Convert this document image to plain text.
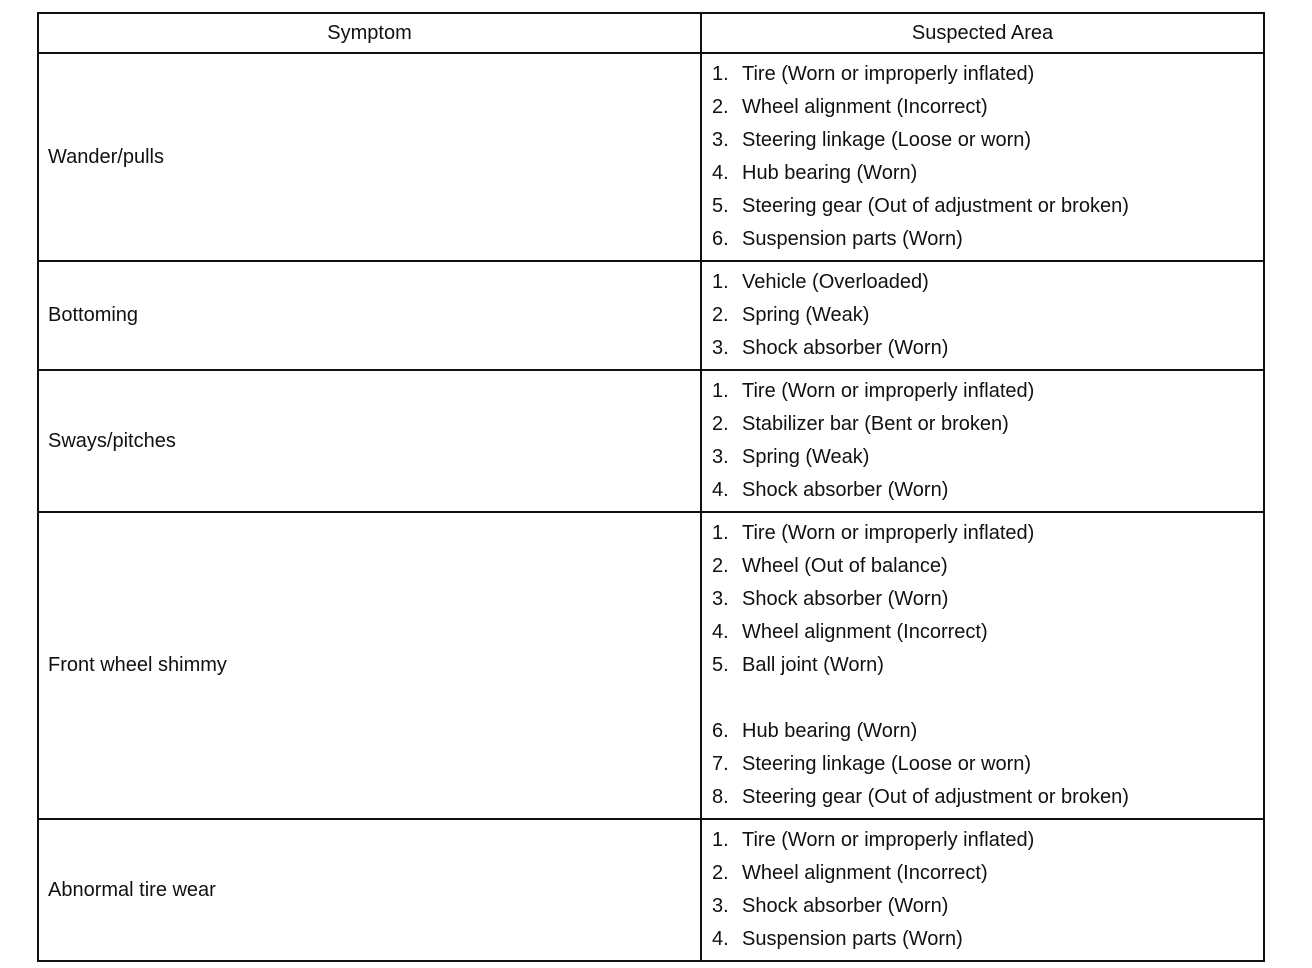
Symptom	Suspected Area
Wander/pulls
1. Tire (Worn or improperly inflated)
2. Wheel alignment (Incorrect)
3. Steering linkage (Loose or worn)
4. Hub bearing (Worn)
5. Steering gear (Out of adjustment or broken)
6. Suspension parts (Worn)
Bottoming
1. Vehicle (Overloaded)
2. Spring (Weak)
3. Shock absorber (Worn)
Sways/pitches
1. Tire (Worn or improperly inflated)
2. Stabilizer bar (Bent or broken)
3. Spring (Weak)
4. Shock absorber (Worn)
Front wheel shimmy
1. Tire (Worn or improperly inflated)
2. Wheel (Out of balance)
3. Shock absorber (Worn)
4. Wheel alignment (Incorrect)
5. Ball joint (Worn)
6. Hub bearing (Worn)
7. Steering linkage (Loose or worn)
8. Steering gear (Out of adjustment or broken)
Abnormal tire wear
1. Tire (Worn or improperly inflated)
2. Wheel alignment (Incorrect)
3. Shock absorber (Worn)
4. Suspension parts (Worn)
